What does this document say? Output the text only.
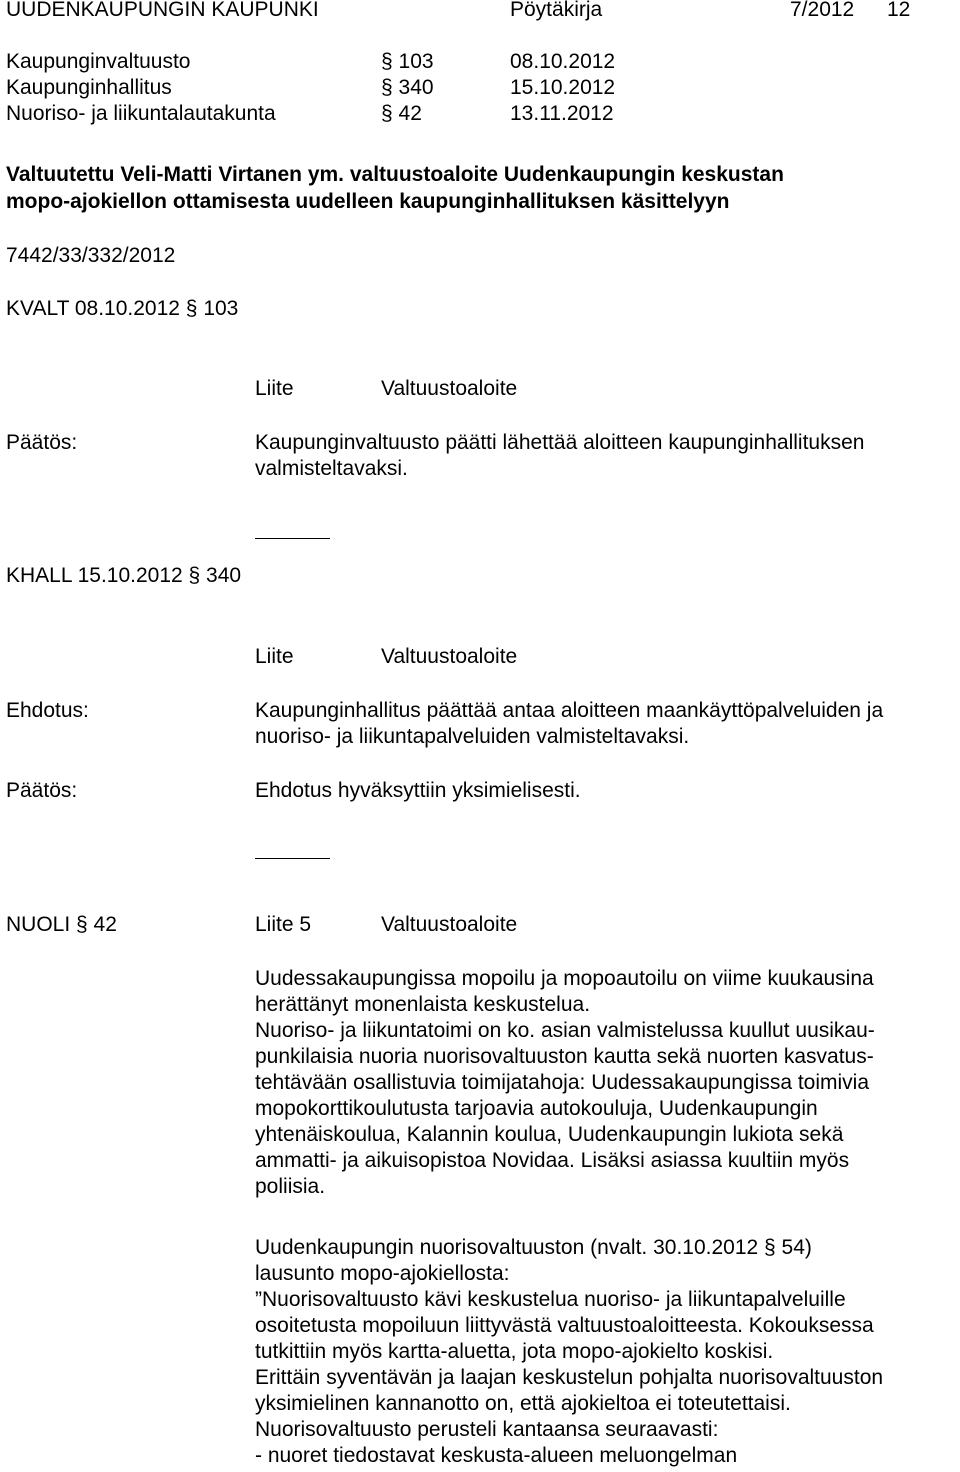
UUDENKAUPUNGIN KAUPUNKI	Pöytäkirja	7/2012 12
Kaupunginvaltuusto	§ 103	08.10.2012
Kaupunginhallitus	§ 340	15.10.2012
Nuoriso- ja liikuntalautakunta	§ 42	13.11.2012
Valtuutettu Veli-Matti Virtanen ym. valtuustoaloite Uudenkaupungin keskustan
mopo-ajokiellon ottamisesta uudelleen kaupunginhallituksen käsittelyyn
7442/33/332/2012
KVALT 08.10.2012 § 103
Liite	Valtuustoaloite
Päätös:	Kaupunginvaltuusto päätti lähettää aloitteen kaupunginhallituksen
valmisteltavaksi.
KHALL 15.10.2012 § 340
Liite	Valtuustoaloite
Ehdotus:	Kaupunginhallitus päättää antaa aloitteen maankäyttöpalveluiden ja
nuoriso- ja liikuntapalveluiden valmisteltavaksi.
Päätös:	Ehdotus hyväksyttiin yksimielisesti.
NUOLI § 42	Liite 5	Valtuustoaloite
Uudessakaupungissa mopoilu ja mopoautoilu on viime kuukausina
herättänyt monenlaista keskustelua.
Nuoriso- ja liikuntatoimi on ko. asian valmistelussa kuullut uusikau-
punkilaisia nuoria nuorisovaltuuston kautta sekä nuorten kasvatus-
tehtävään osallistuvia toimijatahoja: Uudessakaupungissa toimivia
mopokorttikoulutusta tarjoavia autokouluja, Uudenkaupungin
yhtenäiskoulua, Kalannin koulua, Uudenkaupungin lukiota sekä
ammatti- ja aikuisopistoa Novidaa. Lisäksi asiassa kuultiin myös
poliisia.
Uudenkaupungin nuorisovaltuuston (nvalt. 30.10.2012 § 54)
lausunto mopo-ajokiellosta:
”Nuorisovaltuusto kävi keskustelua nuoriso- ja liikuntapalveluille
osoitetusta mopoiluun liittyvästä valtuustoaloitteesta. Kokouksessa
tutkittiin myös kartta-aluetta, jota mopo-ajokielto koskisi.
Erittäin syventävän ja laajan keskustelun pohjalta nuorisovaltuuston
yksimielinen kannanotto on, että ajokieltoa ei toteutettaisi.
Nuorisovaltuusto perusteli kantaansa seuraavasti:
- nuoret tiedostavat keskusta-alueen meluongelman
